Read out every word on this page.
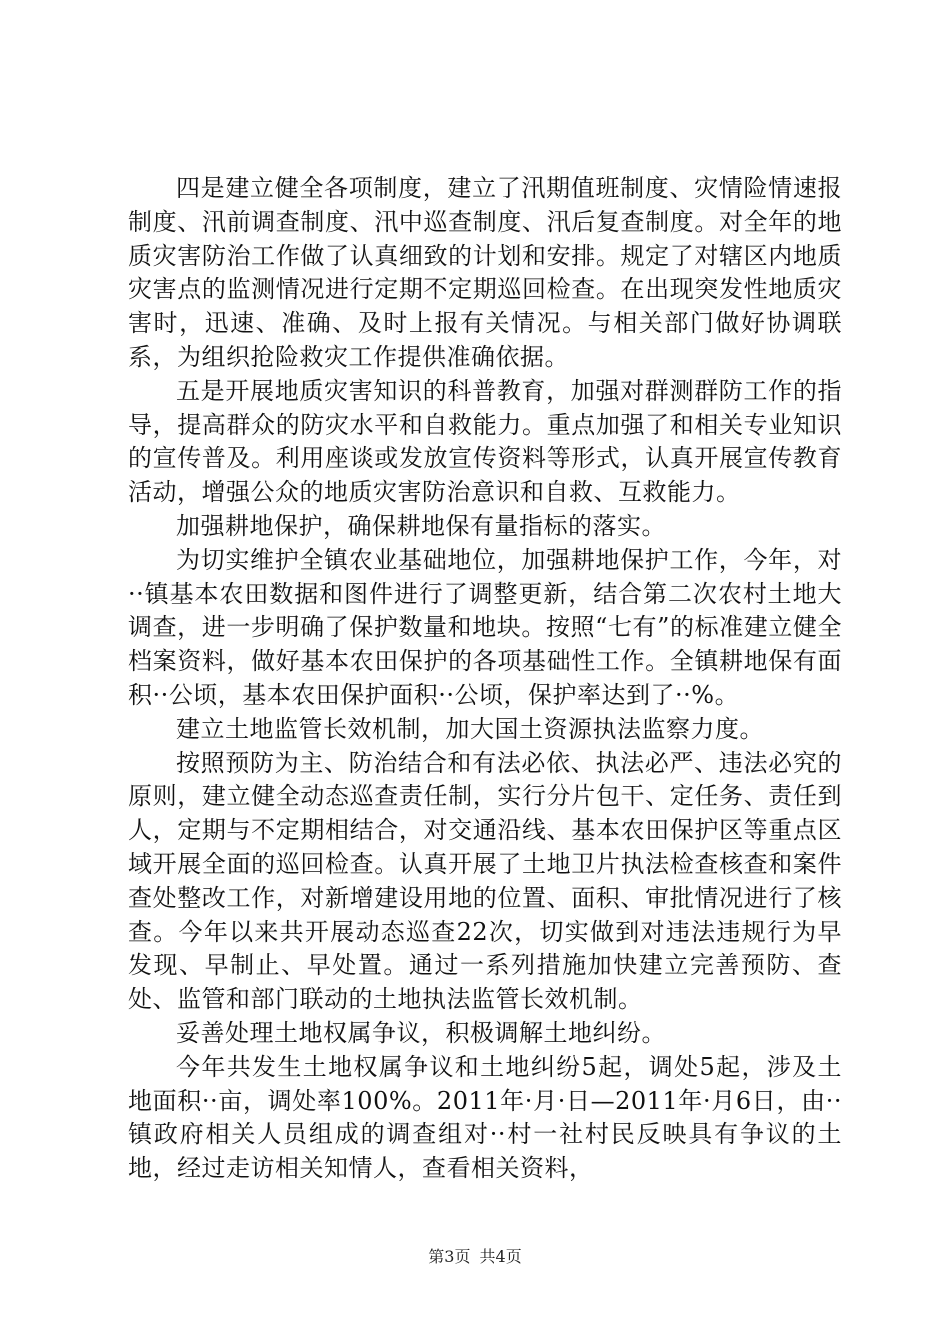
四是建立健全各项制度，建立了汛期值班制度、灾情险情速报制度、汛前调查制度、汛中巡查制度、汛后复查制度。对全年的地质灾害防治工作做了认真细致的计划和安排。规定了对辖区内地质灾害点的监测情况进行定期不定期巡回检查。在出现突发性地质灾害时，迅速、准确、及时上报有关情况。与相关部门做好协调联系，为组织抢险救灾工作提供准确依据。

五是开展地质灾害知识的科普教育，加强对群测群防工作的指导，提高群众的防灾水平和自救能力。重点加强了和相关专业知识的宣传普及。利用座谈或发放宣传资料等形式，认真开展宣传教育活动，增强公众的地质灾害防治意识和自救、互救能力。

加强耕地保护，确保耕地保有量指标的落实。

为切实维护全镇农业基础地位，加强耕地保护工作，今年，对··镇基本农田数据和图件进行了调整更新，结合第二次农村土地大调查，进一步明确了保护数量和地块。按照“七有”的标准建立健全档案资料，做好基本农田保护的各项基础性工作。全镇耕地保有面积··公顷，基本农田保护面积··公顷，保护率达到了··%。

建立土地监管长效机制，加大国土资源执法监察力度。

按照预防为主、防治结合和有法必依、执法必严、违法必究的原则，建立健全动态巡查责任制，实行分片包干、定任务、责任到人，定期与不定期相结合，对交通沿线、基本农田保护区等重点区域开展全面的巡回检查。认真开展了土地卫片执法检查核查和案件查处整改工作，对新增建设用地的位置、面积、审批情况进行了核查。今年以来共开展动态巡查22次，切实做到对违法违规行为早发现、早制止、早处置。通过一系列措施加快建立完善预防、查处、监管和部门联动的土地执法监管长效机制。

妥善处理土地权属争议，积极调解土地纠纷。

今年共发生土地权属争议和土地纠纷5起，调处5起，涉及土地面积··亩，调处率100%。2011年·月·日—2011年·月6日，由··镇政府相关人员组成的调查组对··村一社村民反映具有争议的土地，经过走访相关知情人，查看相关资料，

第3页 共4页
